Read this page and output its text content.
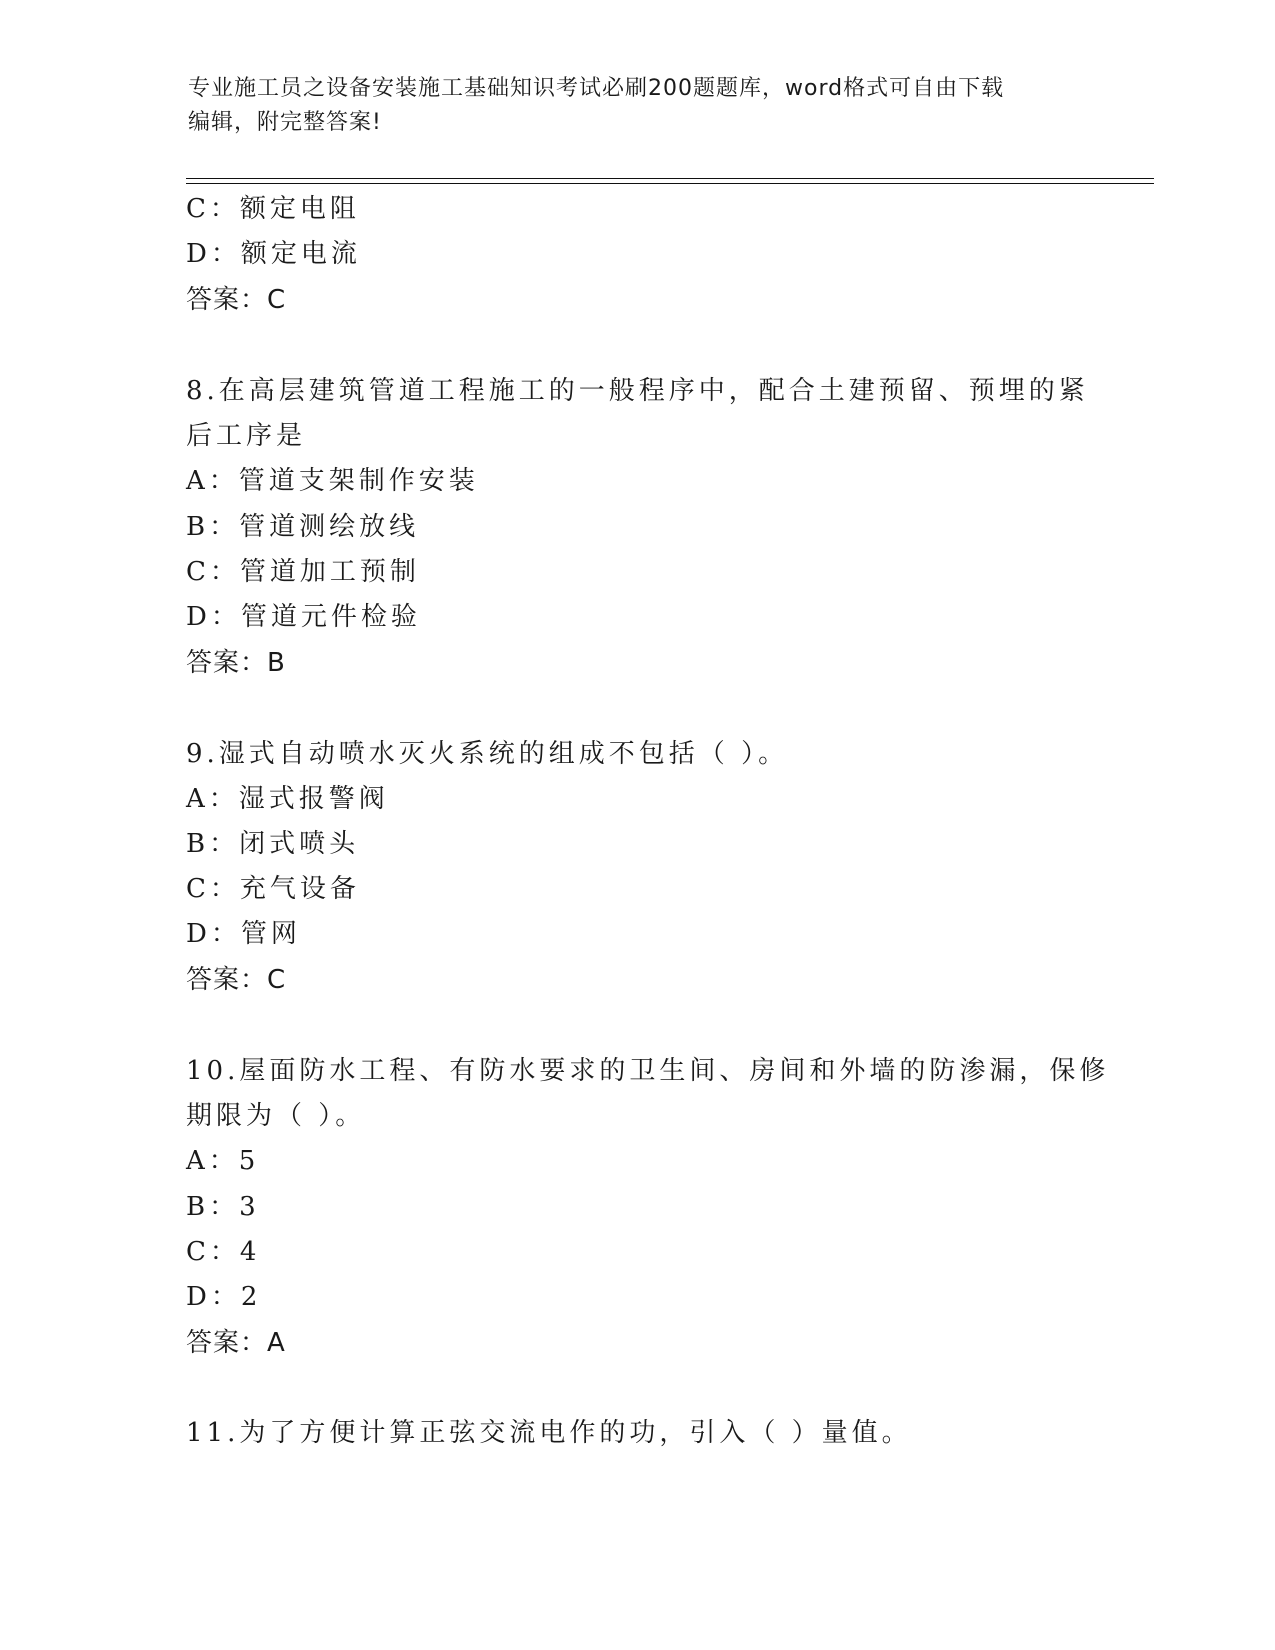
专业施工员之设备安装施工基础知识考试必刷200题题库，word格式可自由下载
编辑，附完整答案!
C：额定电阻
D：额定电流
答案：C
8.在高层建筑管道工程施工的一般程序中，配合土建预留、预埋的紧
后工序是
A：管道支架制作安装
B：管道测绘放线
C：管道加工预制
D：管道元件检验
答案：B
9.湿式自动喷水灭火系统的组成不包括（ ）。
A：湿式报警阀
B：闭式喷头
C：充气设备
D：管网
答案：C
10.屋面防水工程、有防水要求的卫生间、房间和外墙的防渗漏，保修
期限为（ ）。
A：5
B：3
C：4
D：2
答案：A
11.为了方便计算正弦交流电作的功，引入（ ）量值。
